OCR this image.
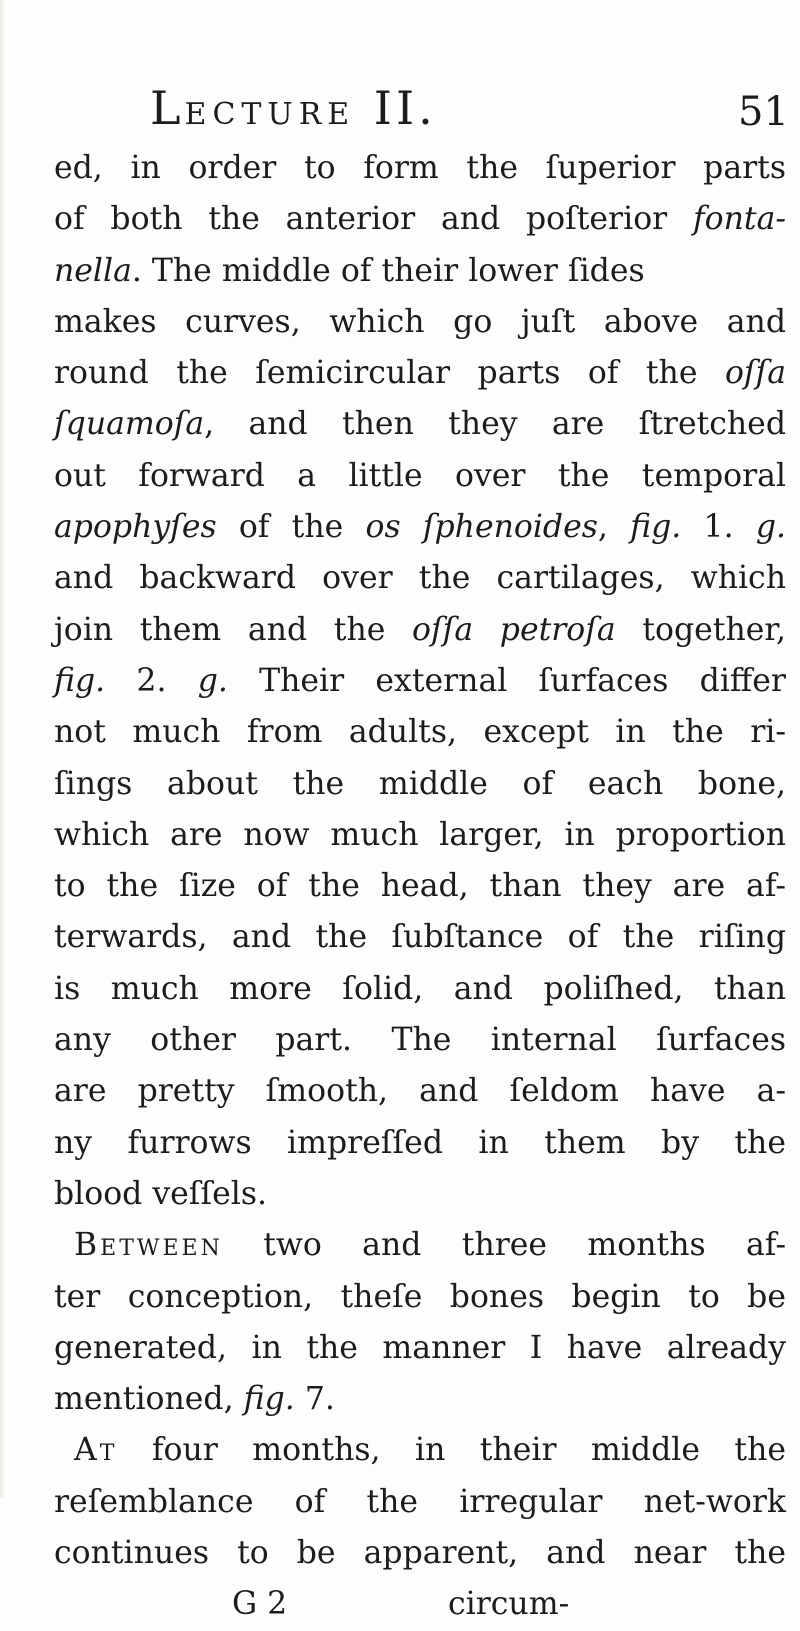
LECTURE II.	51
ed, in order to form the ſuperior parts
of both the anterior and poſterior fonta-
nella. The middle of their lower ſides
makes curves, which go juſt above and
round the ſemicircular parts of the oſſa
ſquamoſa, and then they are ſtretched
out forward a little over the temporal
apophyſes of the os ſphenoides, fig. 1. g.
and backward over the cartilages, which
join them and the oſſa petroſa together,
fig. 2. g. Their external ſurfaces differ
not much from adults, except in the ri-
ſings about the middle of each bone,
which are now much larger, in proportion
to the ſize of the head, than they are af-
terwards, and the ſubſtance of the riſing
is much more ſolid, and poliſhed, than
any other part. The internal ſurfaces
are pretty ſmooth, and ſeldom have a-
ny furrows impreſſed in them by the
blood veſſels.
Between two and three months af-
ter conception, theſe bones begin to be
generated, in the manner I have already
mentioned, fig. 7.
At four months, in their middle the
reſemblance of the irregular net-work
continues to be apparent, and near the
G 2	circum-
